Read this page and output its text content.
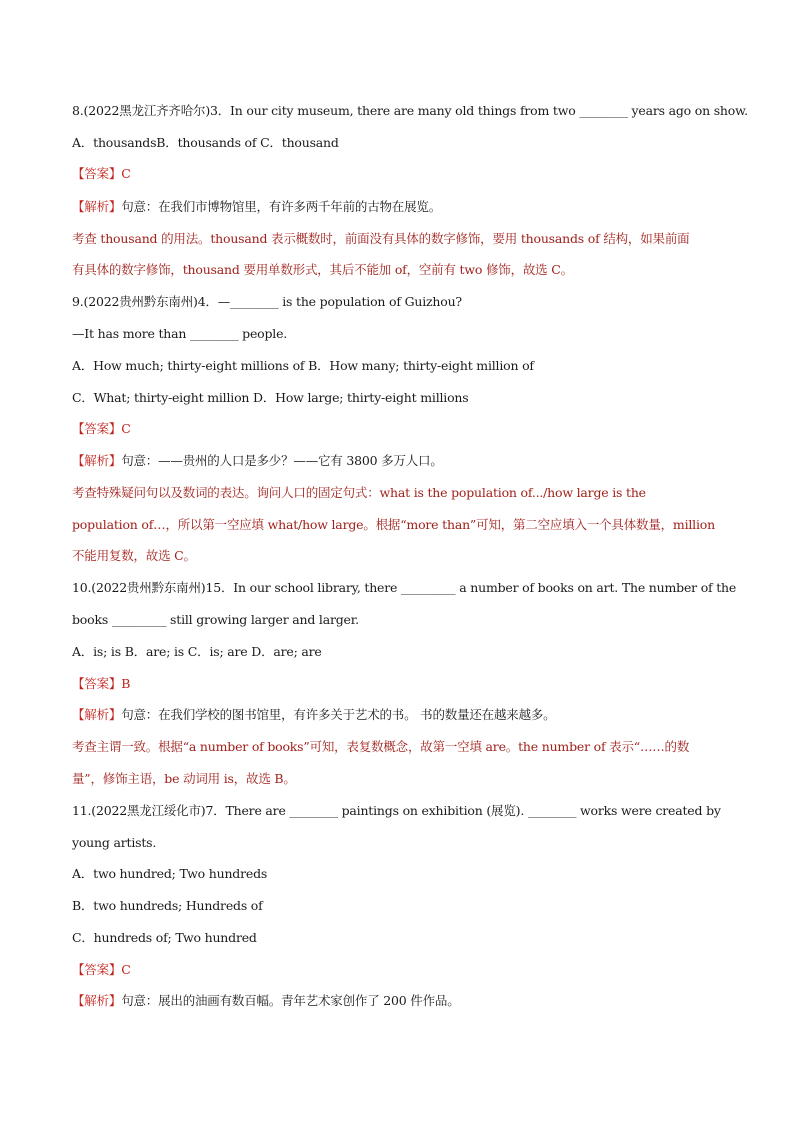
8.(2022黑龙江齐齐哈尔)3．In our city museum, there are many old things from two ________ years ago on show.
A．thousandsB．thousands of C．thousand
【答案】C
【解析】句意：在我们市博物馆里，有许多两千年前的古物在展览。
考查 thousand 的用法。thousand 表示概数时，前面没有具体的数字修饰，要用 thousands of 结构，如果前面
有具体的数字修饰，thousand 要用单数形式，其后不能加 of，空前有 two 修饰，故选 C。
9.(2022贵州黔东南州)4．—________ is the population of Guizhou?
—It has more than ________ people.
A．How much; thirty-eight millions of B．How many; thirty-eight million of
C．What; thirty-eight million D．How large; thirty-eight millions
【答案】C
【解析】句意：——贵州的人口是多少？——它有 3800 多万人口。
考查特殊疑问句以及数词的表达。询问人口的固定句式：what is the population of.../how large is the
population of…，所以第一空应填 what/how large。根据“more than”可知，第二空应填入一个具体数量，million
不能用复数，故选 C。
10.(2022贵州黔东南州)15．In our school library, there _________ a number of books on art. The number of the
books _________ still growing larger and larger.
A．is; is B．are; is C．is; are D．are; are
【答案】B
【解析】句意：在我们学校的图书馆里，有许多关于艺术的书。 书的数量还在越来越多。
考查主谓一致。根据“a number of books”可知，表复数概念，故第一空填 are。the number of 表示“……的数
量”，修饰主语，be 动词用 is，故选 B。
11.(2022黑龙江绥化市)7．There are ________ paintings on exhibition (展览). ________ works were created by
young artists.
A．two hundred; Two hundreds
B．two hundreds; Hundreds of
C．hundreds of; Two hundred
【答案】C
【解析】句意：展出的油画有数百幅。青年艺术家创作了 200 件作品。
